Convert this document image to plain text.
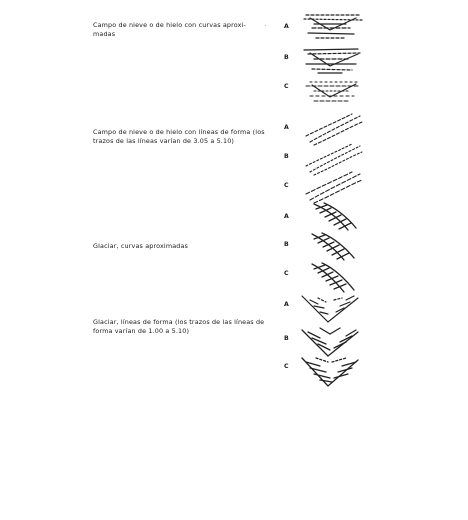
Campo de nieve o de hielo con curvas aproxi- madas
·	A
B
C
Campo de nieve o de hielo con líneas de forma (los trazos de las líneas varían de 3.05 a 5.10)
A
B
C
Glaciar, curvas aproximadas
A
B
C
Glaciar, líneas de forma (los trazos de las líneas de forma varían de 1.00 a 5.10)
A
B
C
